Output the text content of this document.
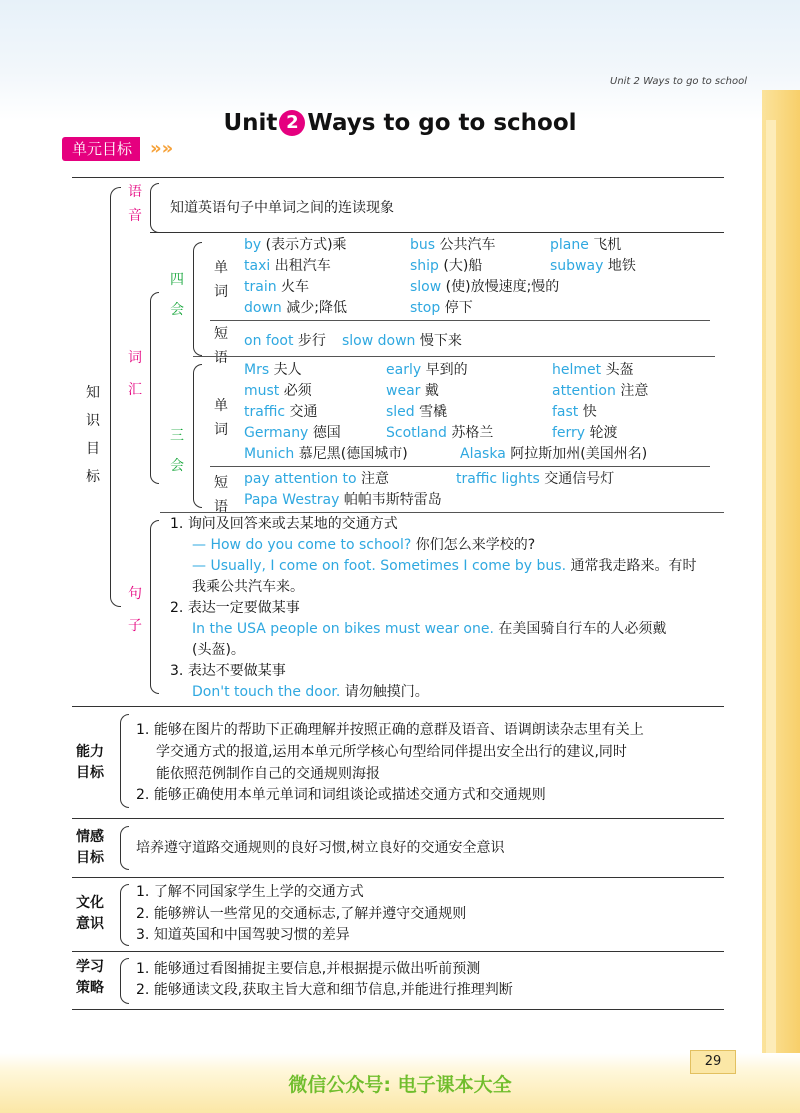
Unit 2 Ways to go to school
Unit 2 Ways to go to school
单元目标 »»
知
识
目
标
语
音 知道英语句子中单词之间的连读现象
词
汇
四
会
单
词
by (表示方式)乘	bus 公共汽车	plane 飞机
taxi 出租汽车	ship (大)船	subway 地铁
train 火车	slow (使)放慢速度;慢的
down 减少;降低	stop 停下
短
语
on foot 步行 slow down 慢下来
三
会
单
词
Mrs 夫人	early 早到的	helmet 头盔
must 必须	wear 戴	attention 注意
traffic 交通	sled 雪橇	fast 快
Germany 德国	Scotland 苏格兰	ferry 轮渡
Munich 慕尼黑(德国城市)	Alaska 阿拉斯加州(美国州名)
短
语
pay attention to 注意	traffic lights 交通信号灯
Papa Westray 帕帕韦斯特雷岛
句
子
1. 询问及回答来或去某地的交通方式
— How do you come to school? 你们怎么来学校的?
— Usually, I come on foot. Sometimes I come by bus. 通常我走路来。有时
我乘公共汽车来。
2. 表达一定要做某事
In the USA people on bikes must wear one. 在美国骑自行车的人必须戴
(头盔)。
3. 表达不要做某事
Don't touch the door. 请勿触摸门。
能力
目标
1. 能够在图片的帮助下正确理解并按照正确的意群及语音、语调朗读杂志里有关上
学交通方式的报道,运用本单元所学核心句型给同伴提出安全出行的建议,同时
能依照范例制作自己的交通规则海报
2. 能够正确使用本单元单词和词组谈论或描述交通方式和交通规则
情感
目标
培养遵守道路交通规则的良好习惯,树立良好的交通安全意识
文化
意识
1. 了解不同国家学生上学的交通方式
2. 能够辨认一些常见的交通标志,了解并遵守交通规则
3. 知道英国和中国驾驶习惯的差异
学习
策略
1. 能够通过看图捕捉主要信息,并根据提示做出听前预测
2. 能够通读文段,获取主旨大意和细节信息,并能进行推理判断
29
微信公众号: 电子课本大全
